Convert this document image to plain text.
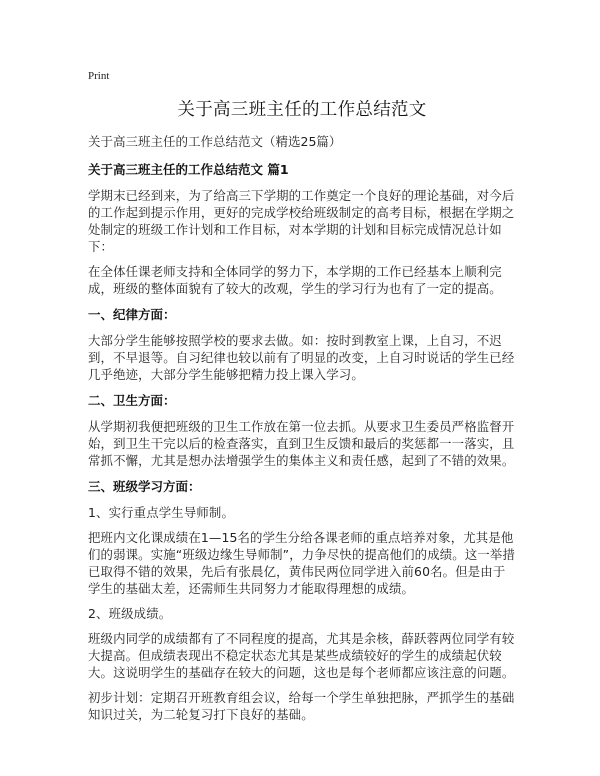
Print
关于高三班主任的工作总结范文
关于高三班主任的工作总结范文（精选25篇）
关于高三班主任的工作总结范文 篇1

学期末已经到来，为了给高三下学期的工作奠定一个良好的理论基础，对今后的工作起到提示作用，更好的完成学校给班级制定的高考目标，根据在学期之处制定的班级工作计划和工作目标，对本学期的计划和目标完成情况总计如下：

在全体任课老师支持和全体同学的努力下，本学期的工作已经基本上顺利完成，班级的整体面貌有了较大的改观，学生的学习行为也有了一定的提高。

一、纪律方面：

大部分学生能够按照学校的要求去做。如：按时到教室上课，上自习，不迟到，不早退等。自习纪律也较以前有了明显的改变，上自习时说话的学生已经几乎绝迹，大部分学生能够把精力投上课入学习。

二、卫生方面：

从学期初我便把班级的卫生工作放在第一位去抓。从要求卫生委员严格监督开始，到卫生干完以后的检查落实，直到卫生反馈和最后的奖惩都一一落实，且常抓不懈，尤其是想办法增强学生的集体主义和责任感，起到了不错的效果。

三、班级学习方面：

1、实行重点学生导师制。

把班内文化课成绩在1—15名的学生分给各课老师的重点培养对象，尤其是他们的弱课。实施“班级边缘生导师制”，力争尽快的提高他们的成绩。这一举措已取得不错的效果，先后有张晨亿，黄伟民两位同学进入前60名。但是由于学生的基础太差，还需师生共同努力才能取得理想的成绩。

2、班级成绩。

班级内同学的成绩都有了不同程度的提高，尤其是余核，薛跃蓉两位同学有较大提高。但成绩表现出不稳定状态尤其是某些成绩较好的学生的成绩起伏较大。这说明学生的基础存在较大的问题，这也是每个老师都应该注意的问题。

初步计划：定期召开班教育组会议，给每一个学生单独把脉，严抓学生的基础知识过关，为二轮复习打下良好的基础。
